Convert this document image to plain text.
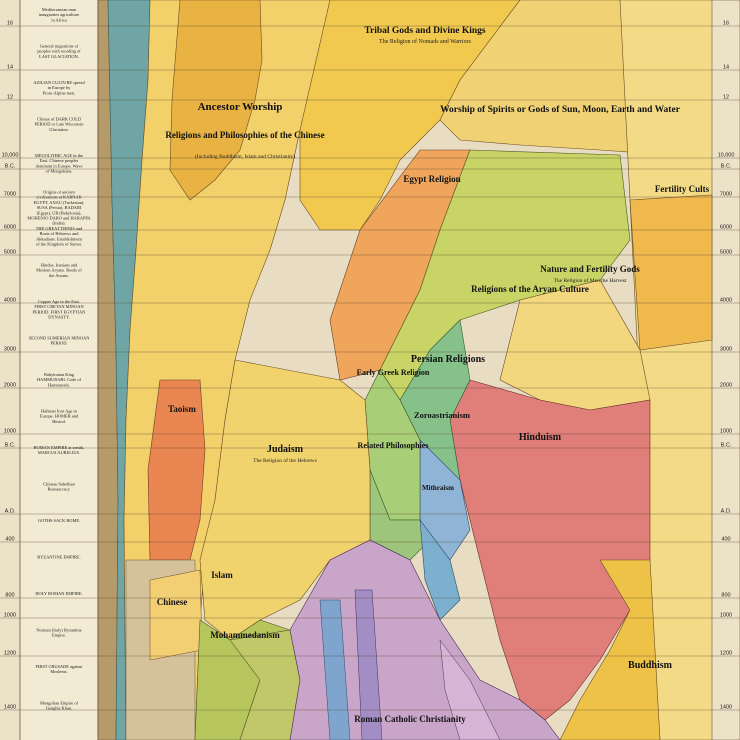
16	16
14	14
12	12
10,000	10,000
B.C.	B.C.
7000	7000
6000	6000
5000	5000
4000	4000
3000	3000
2000	2000
1000	1000
B.C.	B.C.
A.D.	A.D.
400	400
800	800
1000	1000
1200	1200
1400	1400
Tribal Gods and Divine Kings
The Religion of Nomads and Warriors
Ancestor Worship
Religions and Philosophies of the Chinese
(Including Buddhism, Islam and Christianity)
Worship of Spirits or Gods of Sun, Moon, Earth and Water
Egypt Religion
Religions of the Aryan Culture
Nature and Fertility Gods
The Religion of Men the Harvest
Fertility Cults
Persian Religions
Early Greek Religion
Zoroastrianism
Hinduism
Taoism
Judaism
The Religion of the Hebrews
Related Philosophies
Mithraism
Islam
Mohammedanism
Chinese
Buddhism
Roman Catholic Christianity
Mediterranean man inaugurates agriculture in Africa
General migrations of peoples with receding of LAST GLACIATION.
AZILIAN CULTURE spread in Europe by Proto-Alpine men.
Climax of DARK COLD PERIOD or Late Wisconsin Glaciation.
MEGOLITHIC AGE in the East. Chinese peoples dominant in Europe. Wave of Mongolians.
Origins of ancient civilizations at KARNAK EGYPT, ANAU (Turkestan), SUSA (Persia), BADARI (Egypt), UR (Babylonia), MOHENJO DARO and HARAPPA (India).
THE GREAT THINIS and Boats of Hebrews and Akkadians. Establishment of the Kingdom of Sumer.
Hindus, Iranians and Moslem Aryans. Reeds of the Aryans.
Copper Age in the East. FIRST CRETAN MINOAN PERIOD. FIRST EGYPTIAN DYNASTY.
SECOND SUMERIAN MINOAN PERIOD.
Babylonian King HAMMURABI. Code of Hammurabi.
Hallstatt Iron Age in Europe. HOMER and Hesiod.
ROMAN EMPIRE at zenith, MARCUS AURELIUS.
Chinese Sabellian Bureaucracy.
GOTHS SACK ROME.
BYZANTINE EMPIRE.
HOLY ROMAN EMPIRE.
Norman (Italy) Byzantine Empire.
FIRST CRUSADE against Moslems.
Mongolian Empire of Genghis Khan.
